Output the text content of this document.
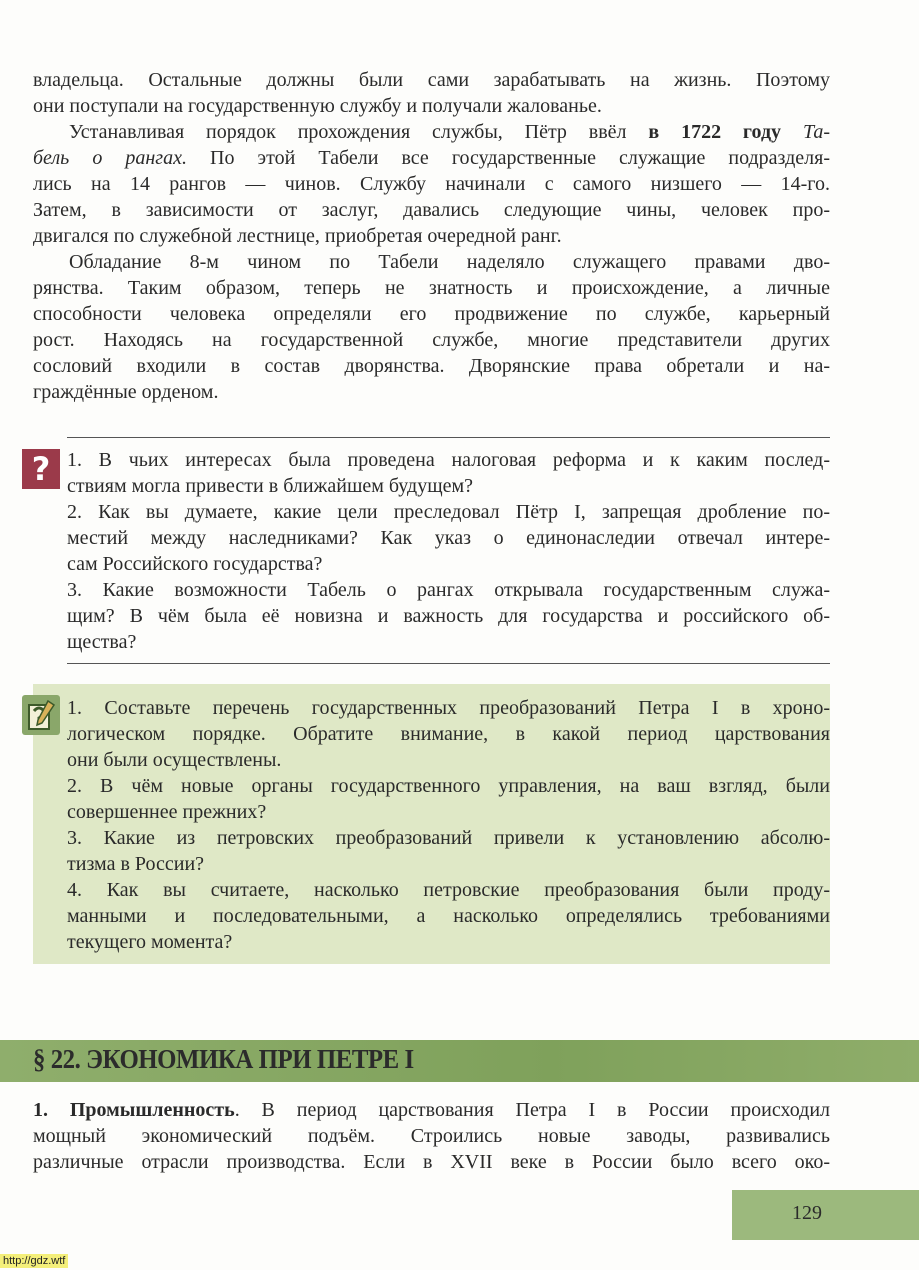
владельца. Остальные должны были сами зарабатывать на жизнь. Поэтому
они поступали на государственную службу и получали жалованье.
Устанавливая порядок прохождения службы, Пётр ввёл в 1722 году Та-
бель о рангах. По этой Табели все государственные служащие подразделя-
лись на 14 рангов — чинов. Службу начинали с самого низшего — 14-го.
Затем, в зависимости от заслуг, давались следующие чины, человек про-
двигался по служебной лестнице, приобретая очередной ранг.
Обладание 8-м чином по Табели наделяло служащего правами дво-
рянства. Таким образом, теперь не знатность и происхождение, а личные
способности человека определяли его продвижение по службе, карьерный
рост. Находясь на государственной службе, многие представители других
сословий входили в состав дворянства. Дворянские права обретали и на-
граждённые орденом.
? 1. В чьих интересах была проведена налоговая реформа и к каким послед-
ствиям могла привести в ближайшем будущем?
2. Как вы думаете, какие цели преследовал Пётр I, запрещая дробление по-
местий между наследниками? Как указ о единонаследии отвечал интере-
сам Российского государства?
3. Какие возможности Табель о рангах открывала государственным служа-
щим? В чём была её новизна и важность для государства и российского об-
щества?
1. Составьте перечень государственных преобразований Петра I в хроно-
логическом порядке. Обратите внимание, в какой период царствования
они были осуществлены.
2. В чём новые органы государственного управления, на ваш взгляд, были
совершеннее прежних?
3. Какие из петровских преобразований привели к установлению абсолю-
тизма в России?
4. Как вы считаете, насколько петровские преобразования были проду-
манными и последовательными, а насколько определялись требованиями
текущего момента?
§ 22. ЭКОНОМИКА ПРИ ПЕТРЕ I
1. Промышленность. В период царствования Петра I в России происходил
мощный экономический подъём. Строились новые заводы, развивались
различные отрасли производства. Если в XVII веке в России было всего око-
129
http://gdz.wtf
